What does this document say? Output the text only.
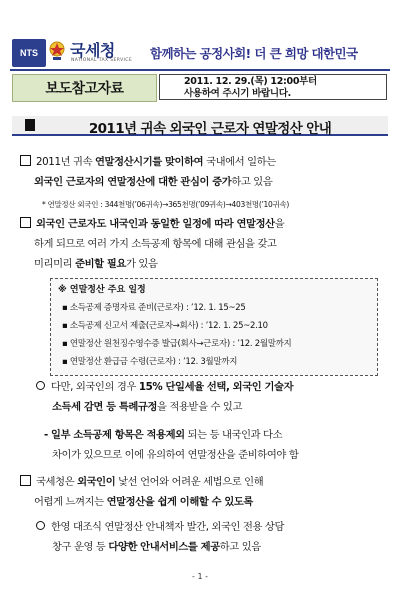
NTS	국세청
NATIONAL TAX SERVICE 함께하는 공정사회! 더 큰 희망 대한민국
보도참고자료	2011. 12. 29.(목) 12:00부터
사용하여 주시기 바랍니다.
2011년 귀속 외국인 근로자 연말정산 안내
2011년 귀속 연말정산시기를 맞이하여 국내에서 일하는
외국인 근로자의 연말정산에 대한 관심이 증가하고 있음
* 연말정산 외국인 : 344천명(’06귀속)→365천명(’09귀속)→403천명(’10귀속)
외국인 근로자도 내국인과 동일한 일정에 따라 연말정산을
하게 되므로 여러 가지 소득공제 항목에 대해 관심을 갖고
미리미리 준비할 필요가 있음
※ 연말정산 주요 일정
▪ 소득공제 증명자료 준비(근로자) : ’12. 1. 15~25
▪ 소득공제 신고서 제출(근로자→회사) : ’12. 1. 25~2.10
▪ 연말정산 원천징수영수증 발급(회사→근로자) : ’12. 2월말까지
▪ 연말정산 환급금 수령(근로자) : ’12. 3월말까지
다만, 외국인의 경우 15% 단일세율 선택, 외국인 기술자
소득세 감면 등 특례규정을 적용받을 수 있고
- 일부 소득공제 항목은 적용제외 되는 등 내국인과 다소
차이가 있으므로 이에 유의하여 연말정산을 준비하여야 함
국세청은 외국인이 낯선 언어와 어려운 세법으로 인해
어렵게 느껴지는 연말정산을 쉽게 이해할 수 있도록
한영 대조식 연말정산 안내책자 발간, 외국인 전용 상담
창구 운영 등 다양한 안내서비스를 제공하고 있음
- 1 -
